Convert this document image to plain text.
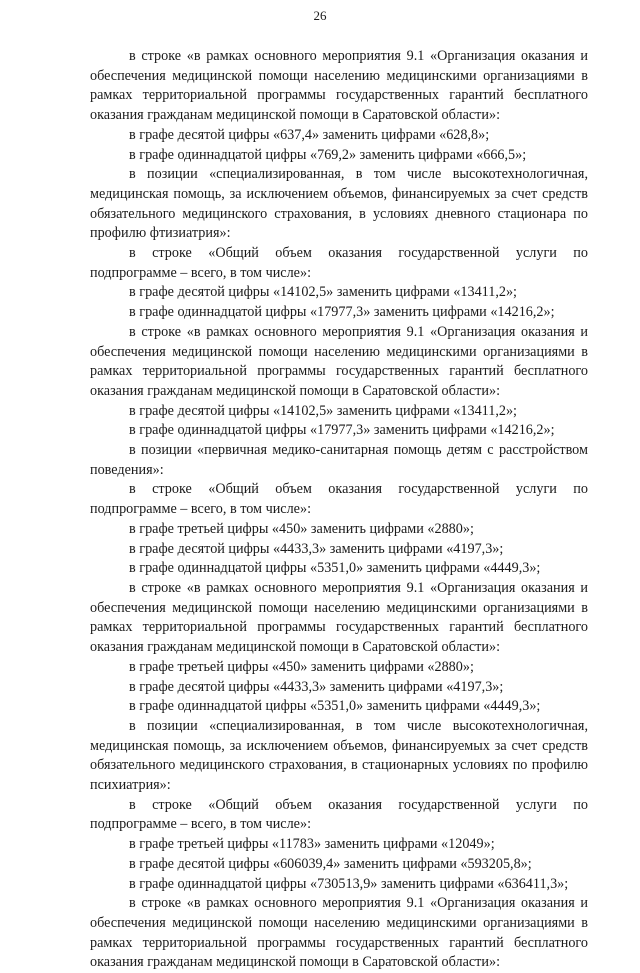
26

в строке «в рамках основного мероприятия 9.1 «Организация оказания и обеспечения медицинской помощи населению медицинскими организациями в рамках территориальной программы государственных гарантий бесплатного оказания гражданам медицинской помощи в Саратовской области»:

в графе десятой цифры «637,4» заменить цифрами «628,8»;

в графе одиннадцатой цифры «769,2» заменить цифрами «666,5»;

в позиции «специализированная, в том числе высокотехнологичная, медицинская помощь, за исключением объемов, финансируемых за счет средств обязательного медицинского страхования, в условиях дневного стационара по профилю фтизиатрия»:

в строке «Общий объем оказания государственной услуги по подпрограмме – всего, в том числе»:

в графе десятой цифры «14102,5» заменить цифрами «13411,2»;

в графе одиннадцатой цифры «17977,3» заменить цифрами «14216,2»;

в строке «в рамках основного мероприятия 9.1 «Организация оказания и обеспечения медицинской помощи населению медицинскими организациями в рамках территориальной программы государственных гарантий бесплатного оказания гражданам медицинской помощи в Саратовской области»:

в графе десятой цифры «14102,5» заменить цифрами «13411,2»;

в графе одиннадцатой цифры «17977,3» заменить цифрами «14216,2»;

в позиции «первичная медико-санитарная помощь детям с расстройством поведения»:

в строке «Общий объем оказания государственной услуги по подпрограмме – всего, в том числе»:

в графе третьей цифры «450» заменить цифрами «2880»;

в графе десятой цифры «4433,3» заменить цифрами «4197,3»;

в графе одиннадцатой цифры «5351,0» заменить цифрами «4449,3»;

в строке «в рамках основного мероприятия 9.1 «Организация оказания и обеспечения медицинской помощи населению медицинскими организациями в рамках территориальной программы государственных гарантий бесплатного оказания гражданам медицинской помощи в Саратовской области»:

в графе третьей цифры «450» заменить цифрами «2880»;

в графе десятой цифры «4433,3» заменить цифрами «4197,3»;

в графе одиннадцатой цифры «5351,0» заменить цифрами «4449,3»;

в позиции «специализированная, в том числе высокотехнологичная, медицинская помощь, за исключением объемов, финансируемых за счет средств обязательного медицинского страхования, в стационарных условиях по профилю психиатрия»:

в строке «Общий объем оказания государственной услуги по подпрограмме – всего, в том числе»:

в графе третьей цифры «11783» заменить цифрами «12049»;

в графе десятой цифры «606039,4» заменить цифрами «593205,8»;

в графе одиннадцатой цифры «730513,9» заменить цифрами «636411,3»;

в строке «в рамках основного мероприятия 9.1 «Организация оказания и обеспечения медицинской помощи населению медицинскими организациями в рамках территориальной программы государственных гарантий бесплатного оказания гражданам медицинской помощи в Саратовской области»:
